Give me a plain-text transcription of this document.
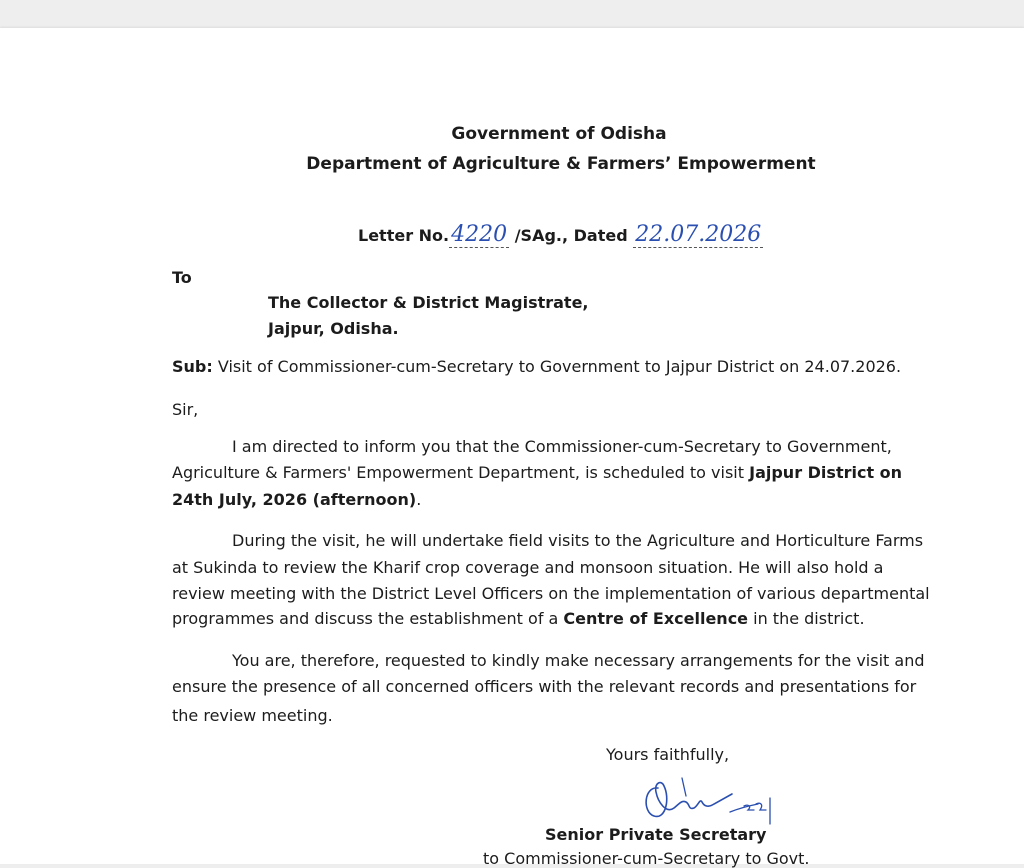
Government of Odisha
Department of Agriculture & Farmers’ Empowerment
Letter No.4220 /SAg., Dated 22.07.2026
To
The Collector & District Magistrate,
Jajpur, Odisha.
Sub: Visit of Commissioner-cum-Secretary to Government to Jajpur District on 24.07.2026.
Sir,
I am directed to inform you that the Commissioner-cum-Secretary to Government,
Agriculture & Farmers' Empowerment Department, is scheduled to visit Jajpur District on
24th July, 2026 (afternoon).
During the visit, he will undertake field visits to the Agriculture and Horticulture Farms
at Sukinda to review the Kharif crop coverage and monsoon situation. He will also hold a
review meeting with the District Level Officers on the implementation of various departmental
programmes and discuss the establishment of a Centre of Excellence in the district.
You are, therefore, requested to kindly make necessary arrangements for the visit and
ensure the presence of all concerned officers with the relevant records and presentations for
the review meeting.
Yours faithfully,
Senior Private Secretary
to Commissioner-cum-Secretary to Govt.
